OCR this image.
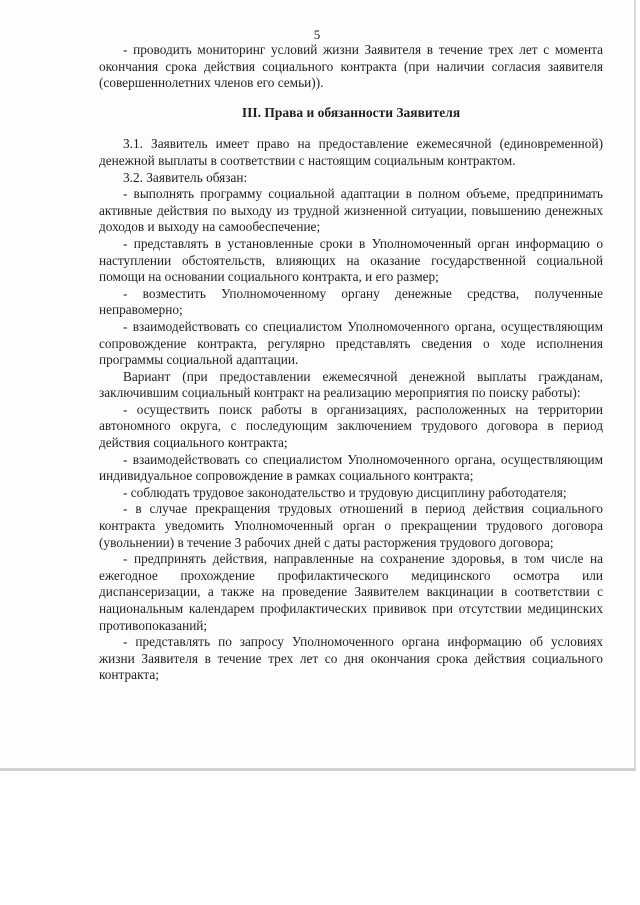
5

- проводить мониторинг условий жизни Заявителя в течение трех лет с момента окончания срока действия социального контракта (при наличии согласия заявителя (совершеннолетних членов его семьи)).

III. Права и обязанности Заявителя

3.1. Заявитель имеет право на предоставление ежемесячной (единовременной) денежной выплаты в соответствии с настоящим социальным контрактом.

3.2. Заявитель обязан:

- выполнять программу социальной адаптации в полном объеме, предпринимать активные действия по выходу из трудной жизненной ситуации, повышению денежных доходов и выходу на самообеспечение;

- представлять в установленные сроки в Уполномоченный орган информацию о наступлении обстоятельств, влияющих на оказание государственной социальной помощи на основании социального контракта, и его размер;

- возместить Уполномоченному органу денежные средства, полученные неправомерно;

- взаимодействовать со специалистом Уполномоченного органа, осуществляющим сопровождение контракта, регулярно представлять сведения о ходе исполнения программы социальной адаптации.

Вариант (при предоставлении ежемесячной денежной выплаты гражданам, заключившим социальный контракт на реализацию мероприятия по поиску работы):

- осуществить поиск работы в организациях, расположенных на территории автономного округа, с последующим заключением трудового договора в период действия социального контракта;

- взаимодействовать со специалистом Уполномоченного органа, осуществляющим индивидуальное сопровождение в рамках социального контракта;

- соблюдать трудовое законодательство и трудовую дисциплину работодателя;

- в случае прекращения трудовых отношений в период действия социального контракта уведомить Уполномоченный орган о прекращении трудового договора (увольнении) в течение 3 рабочих дней с даты расторжения трудового договора;

- предпринять действия, направленные на сохранение здоровья, в том числе на ежегодное прохождение профилактического медицинского осмотра или диспансеризации, а также на проведение Заявителем вакцинации в соответствии с национальным календарем профилактических прививок при отсутствии медицинских противопоказаний;

- представлять по запросу Уполномоченного органа информацию об условиях жизни Заявителя в течение трех лет со дня окончания срока действия социального контракта;
